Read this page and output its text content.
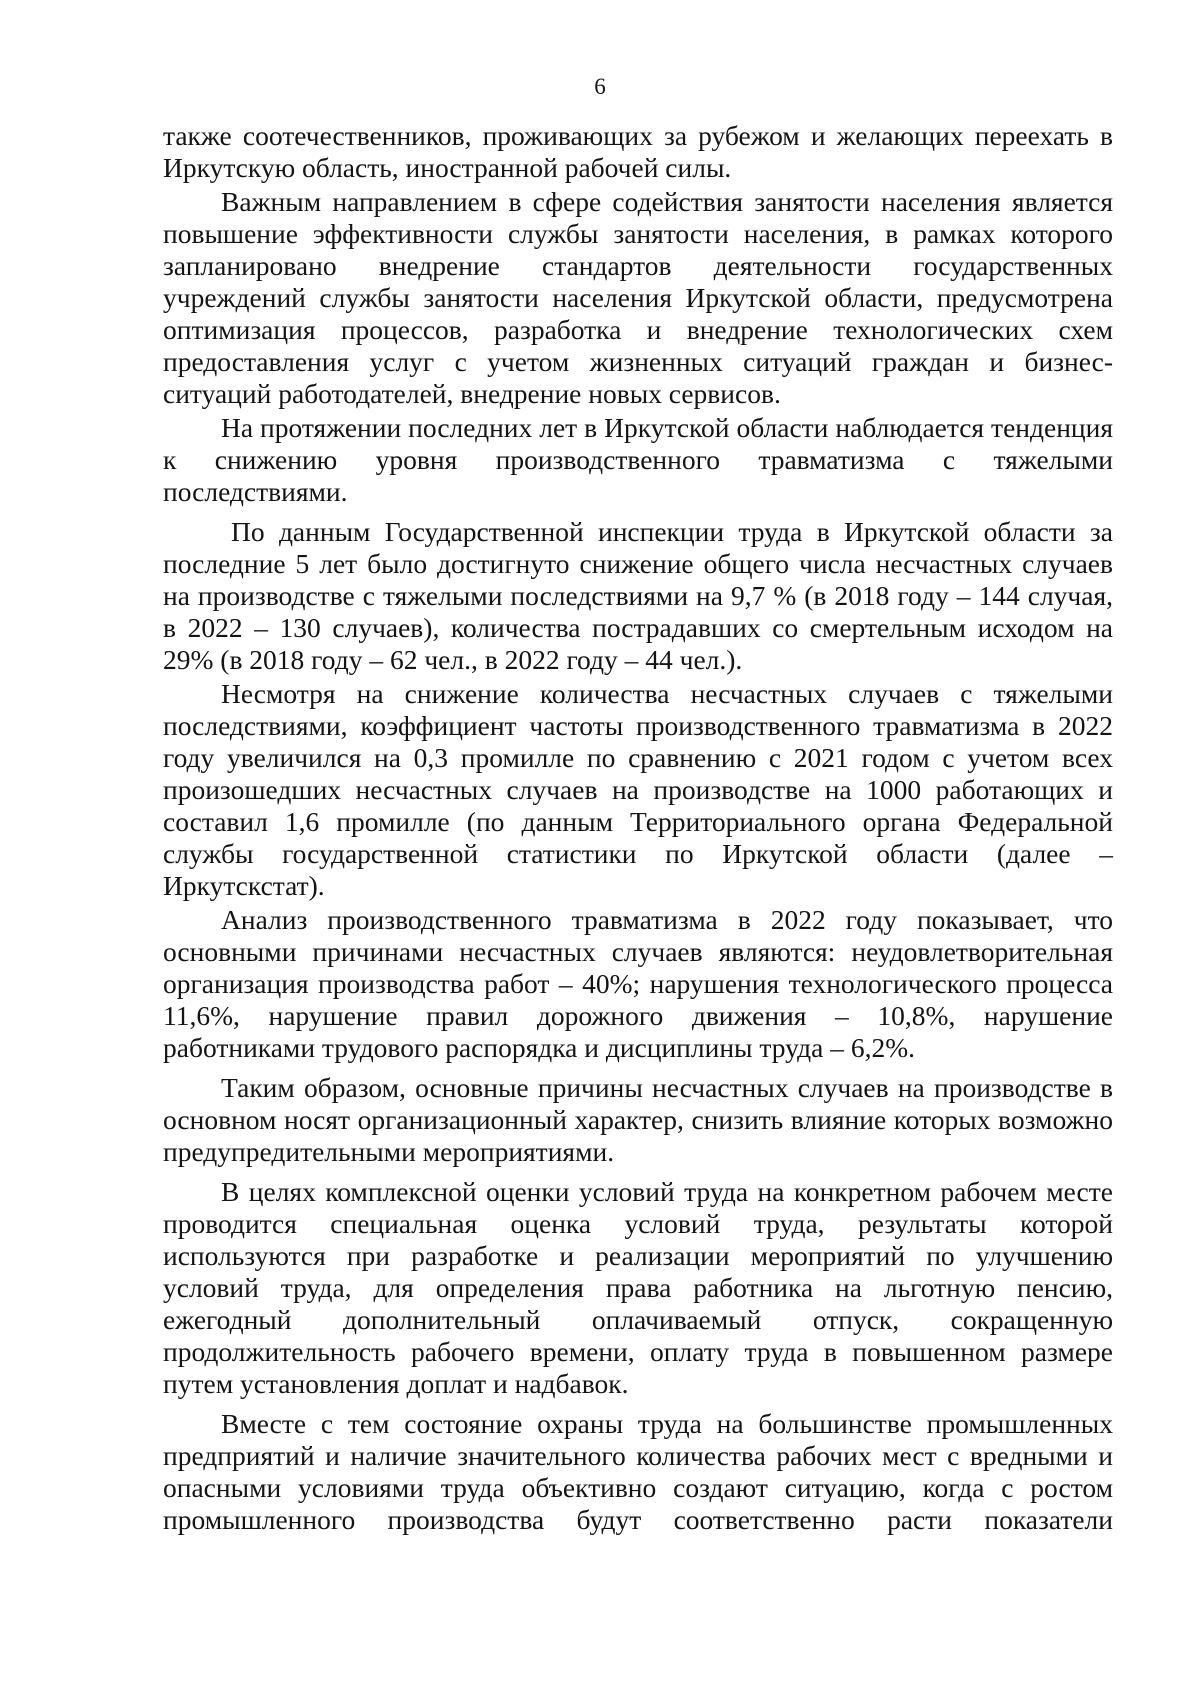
6

также соотечественников, проживающих за рубежом и желающих переехать в Иркутскую область, иностранной рабочей силы.

Важным направлением в сфере содействия занятости населения является повышение эффективности службы занятости населения, в рамках которого запланировано внедрение стандартов деятельности государственных учреждений службы занятости населения Иркутской области, предусмотрена оптимизация процессов, разработка и внедрение технологических схем предоставления услуг с учетом жизненных ситуаций граждан и бизнес-ситуаций работодателей, внедрение новых сервисов.

На протяжении последних лет в Иркутской области наблюдается тенденция к снижению уровня производственного травматизма с тяжелыми последствиями.

По данным Государственной инспекции труда в Иркутской области за последние 5 лет было достигнуто снижение общего числа несчастных случаев на производстве с тяжелыми последствиями на 9,7 % (в 2018 году – 144 случая, в 2022 – 130 случаев), количества пострадавших со смертельным исходом на 29% (в 2018 году – 62 чел., в 2022 году – 44 чел.).

Несмотря на снижение количества несчастных случаев с тяжелыми последствиями, коэффициент частоты производственного травматизма в 2022 году увеличился на 0,3 промилле по сравнению с 2021 годом с учетом всех произошедших несчастных случаев на производстве на 1000 работающих и составил 1,6 промилле (по данным Территориального органа Федеральной службы государственной статистики по Иркутской области (далее – Иркутскстат).

Анализ производственного травматизма в 2022 году показывает, что основными причинами несчастных случаев являются: неудовлетворительная организация производства работ – 40%; нарушения технологического процесса 11,6%, нарушение правил дорожного движения – 10,8%, нарушение работниками трудового распорядка и дисциплины труда – 6,2%.

Таким образом, основные причины несчастных случаев на производстве в основном носят организационный характер, снизить влияние которых возможно предупредительными мероприятиями.

В целях комплексной оценки условий труда на конкретном рабочем месте проводится специальная оценка условий труда, результаты которой используются при разработке и реализации мероприятий по улучшению условий труда, для определения права работника на льготную пенсию, ежегодный дополнительный оплачиваемый отпуск, сокращенную продолжительность рабочего времени, оплату труда в повышенном размере путем установления доплат и надбавок.

Вместе с тем состояние охраны труда на большинстве промышленных предприятий и наличие значительного количества рабочих мест с вредными и опасными условиями труда объективно создают ситуацию, когда с ростом промышленного производства будут соответственно расти показатели
